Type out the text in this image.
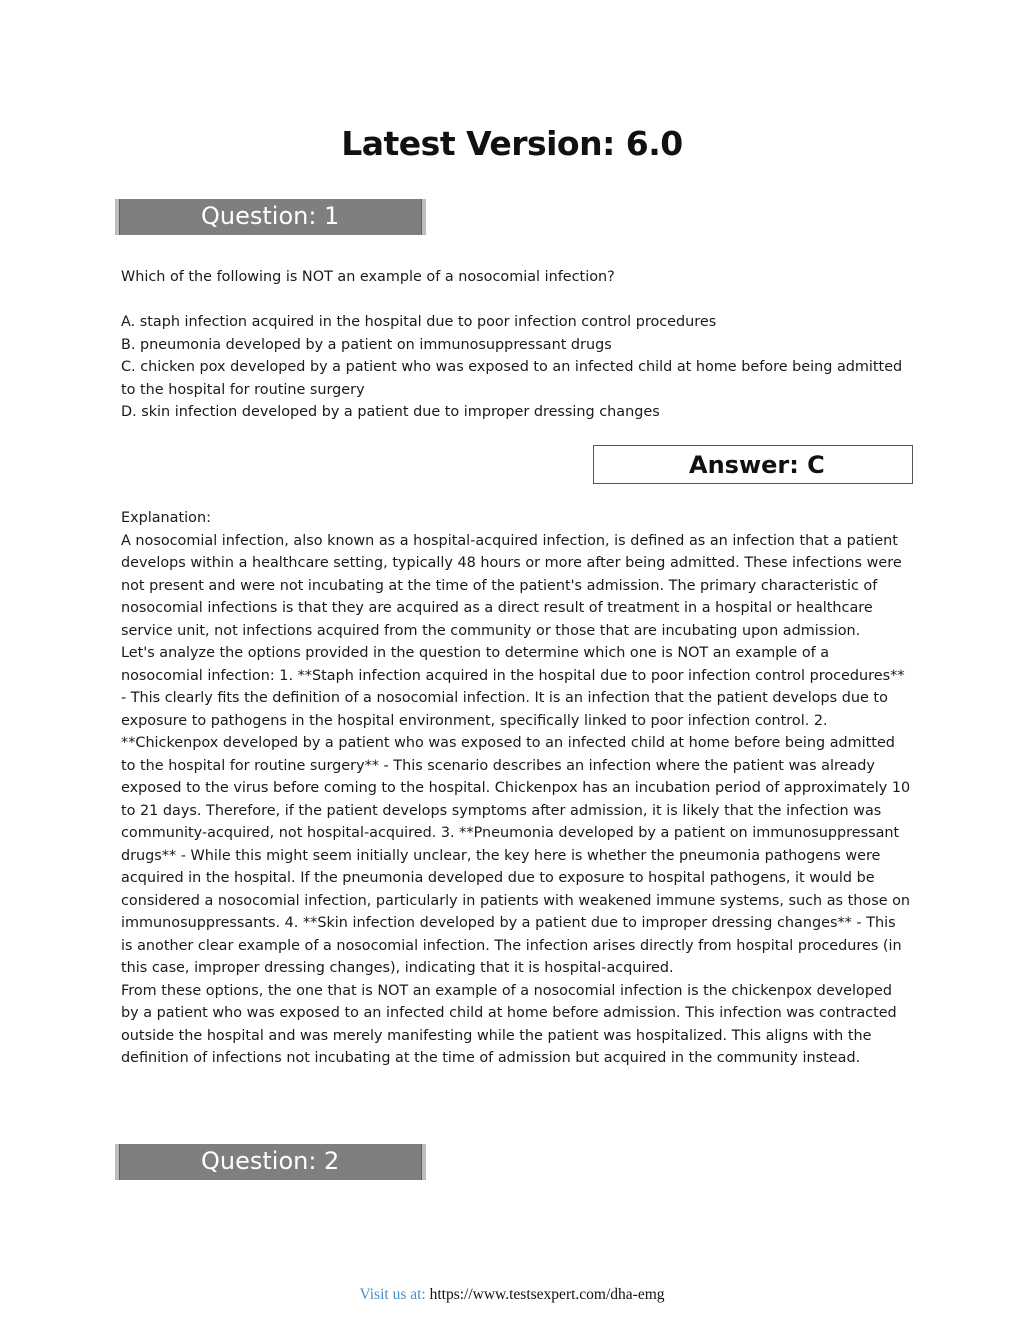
Latest Version: 6.0
Question: 1
Which of the following is NOT an example of a nosocomial infection?
A. staph infection acquired in the hospital due to poor infection control procedures
B. pneumonia developed by a patient on immunosuppressant drugs
C. chicken pox developed by a patient who was exposed to an infected child at home before being admitted to the hospital for routine surgery
D. skin infection developed by a patient due to improper dressing changes
Answer: C

Explanation:

A nosocomial infection, also known as a hospital-acquired infection, is defined as an infection that a patient develops within a healthcare setting, typically 48 hours or more after being admitted. These infections were not present and were not incubating at the time of the patient's admission. The primary characteristic of nosocomial infections is that they are acquired as a direct result of treatment in a hospital or healthcare service unit, not infections acquired from the community or those that are incubating upon admission.

Let's analyze the options provided in the question to determine which one is NOT an example of a nosocomial infection: 1. **Staph infection acquired in the hospital due to poor infection control procedures** - This clearly fits the definition of a nosocomial infection. It is an infection that the patient develops due to exposure to pathogens in the hospital environment, specifically linked to poor infection control. 2. **Chickenpox developed by a patient who was exposed to an infected child at home before being admitted to the hospital for routine surgery** - This scenario describes an infection where the patient was already exposed to the virus before coming to the hospital. Chickenpox has an incubation period of approximately 10 to 21 days. Therefore, if the patient develops symptoms after admission, it is likely that the infection was community-acquired, not hospital-acquired. 3. **Pneumonia developed by a patient on immunosuppressant drugs** - While this might seem initially unclear, the key here is whether the pneumonia pathogens were acquired in the hospital. If the pneumonia developed due to exposure to hospital pathogens, it would be considered a nosocomial infection, particularly in patients with weakened immune systems, such as those on immunosuppressants. 4. **Skin infection developed by a patient due to improper dressing changes** - This is another clear example of a nosocomial infection. The infection arises directly from hospital procedures (in this case, improper dressing changes), indicating that it is hospital-acquired.

From these options, the one that is NOT an example of a nosocomial infection is the chickenpox developed by a patient who was exposed to an infected child at home before admission. This infection was contracted outside the hospital and was merely manifesting while the patient was hospitalized. This aligns with the definition of infections not incubating at the time of admission but acquired in the community instead.

Question: 2
Visit us at: https://www.testsexpert.com/dha-emg
